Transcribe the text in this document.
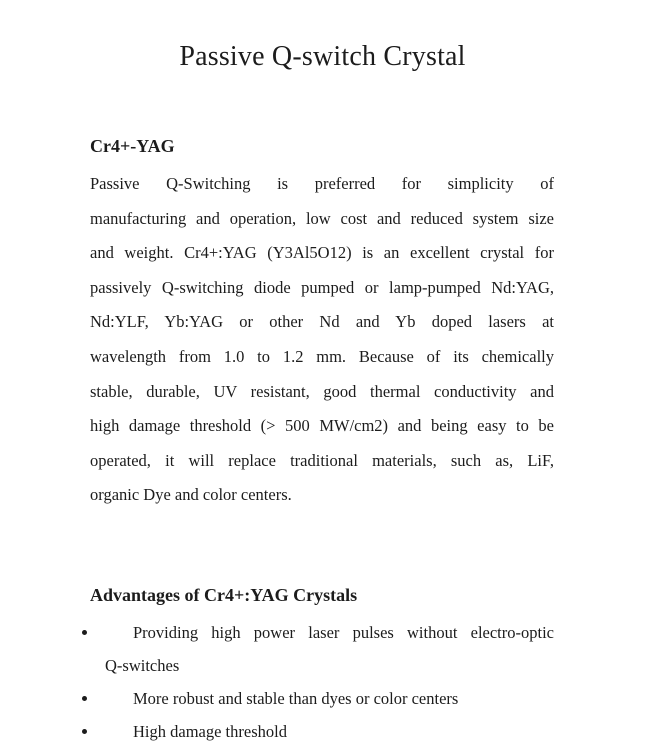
Passive Q-switch Crystal
Cr4+-YAG
Passive Q-Switching is preferred for simplicity of
manufacturing and operation, low cost and reduced system size
and weight. Cr4+:YAG (Y3Al5O12) is an excellent crystal for
passively Q-switching diode pumped or lamp-pumped Nd:YAG,
Nd:YLF, Yb:YAG or other Nd and Yb doped lasers at
wavelength from 1.0 to 1.2 mm. Because of its chemically
stable, durable, UV resistant, good thermal conductivity and
high damage threshold (> 500 MW/cm2) and being easy to be
operated, it will replace traditional materials, such as, LiF,
organic Dye and color centers.
Advantages of Cr4+:YAG Crystals
Providing high power laser pulses without electro-optic
Q-switches
More robust and stable than dyes or color centers
High damage threshold
